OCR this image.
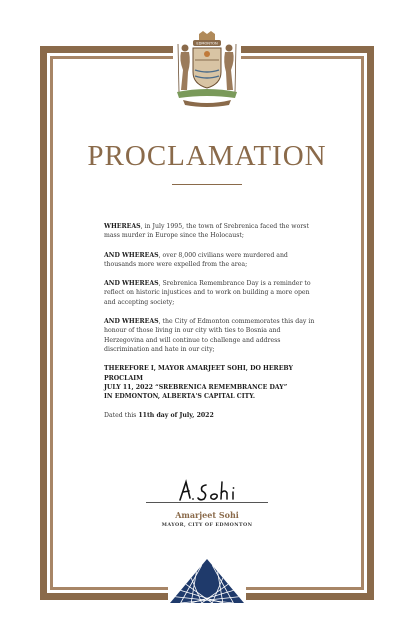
EDMONTON
PROCLAMATION

WHEREAS, in July 1995, the town of Srebrenica faced the worst mass murder in Europe since the Holocaust;

AND WHEREAS, over 8,000 civilians were murdered and thousands more were expelled from the area;

AND WHEREAS, Srebrenica Remembrance Day is a reminder to reflect on historic injustices and to work on building a more open and accepting society;

AND WHEREAS, the City of Edmonton commemorates this day in honour of those living in our city with ties to Bosnia and Herzegovina and will continue to challenge and address discrimination and hate in our city;

THEREFORE I, MAYOR AMARJEET SOHI, DO HEREBY PROCLAIM
JULY 11, 2022 “SREBRENICA REMEMBRANCE DAY”
IN EDMONTON, ALBERTA'S CAPITAL CITY.

Dated this 11th day of July, 2022

Amarjeet Sohi
MAYOR, CITY OF EDMONTON
